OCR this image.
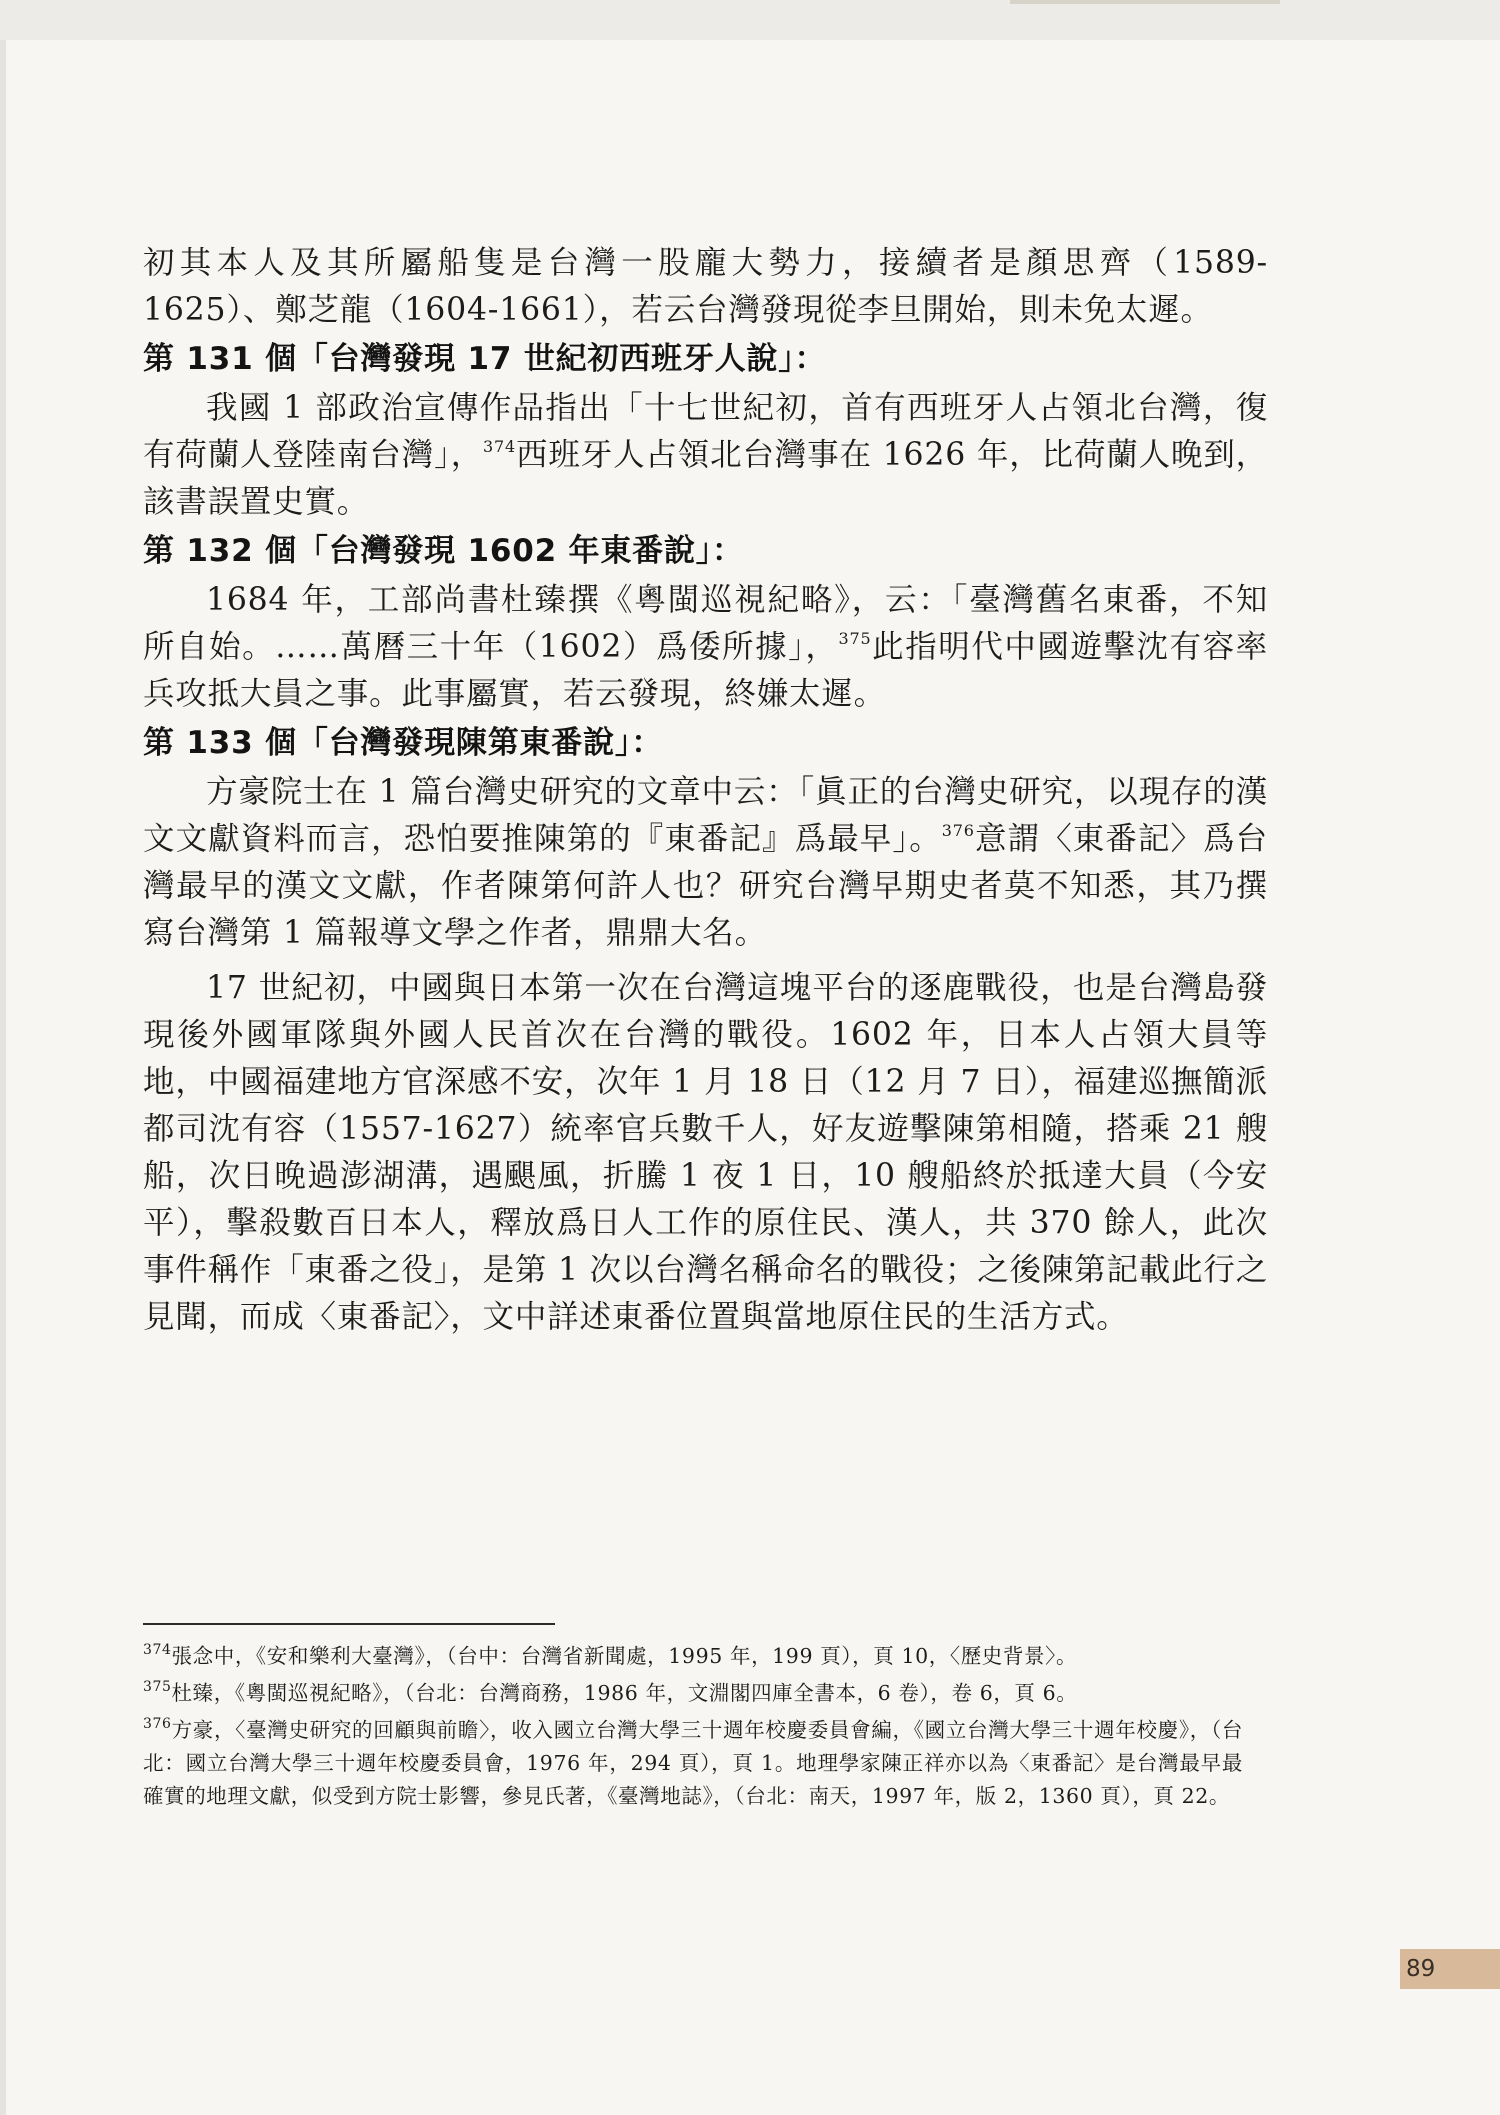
初其本人及其所屬船隻是台灣一股龐大勢力，接續者是顏思齊（1589-1625）、鄭芝龍（1604-1661），若云台灣發現從李旦開始，則未免太遲。

第 131 個「台灣發現 17 世紀初西班牙人說」：

我國 1 部政治宣傳作品指出「十七世紀初，首有西班牙人占領北台灣，復有荷蘭人登陸南台灣」，$^{374}$西班牙人占領北台灣事在 1626 年，比荷蘭人晚到，該書誤置史實。

第 132 個「台灣發現 1602 年東番說」：

1684 年，工部尚書杜臻撰《粵閩巡視紀略》，云：「臺灣舊名東番，不知所自始。……萬曆三十年（1602）爲倭所據」，$^{375}$此指明代中國遊擊沈有容率兵攻抵大員之事。此事屬實，若云發現，終嫌太遲。

第 133 個「台灣發現陳第東番說」：

方豪院士在 1 篇台灣史研究的文章中云：「眞正的台灣史研究，以現存的漢文文獻資料而言，恐怕要推陳第的『東番記』爲最早」。$^{376}$意謂〈東番記〉爲台灣最早的漢文文獻，作者陳第何許人也？研究台灣早期史者莫不知悉，其乃撰寫台灣第 1 篇報導文學之作者，鼎鼎大名。

17 世紀初，中國與日本第一次在台灣這塊平台的逐鹿戰役，也是台灣島發現後外國軍隊與外國人民首次在台灣的戰役。1602 年，日本人占領大員等地，中國福建地方官深感不安，次年 1 月 18 日（12 月 7 日），福建巡撫簡派都司沈有容（1557-1627）統率官兵數千人，好友遊擊陳第相隨，搭乘 21 艘船，次日晚過澎湖溝，遇颶風，折騰 1 夜 1 日，10 艘船終於抵達大員（今安平），擊殺數百日本人，釋放爲日人工作的原住民、漢人，共 370 餘人，此次事件稱作「東番之役」，是第 1 次以台灣名稱命名的戰役；之後陳第記載此行之見聞，而成〈東番記〉，文中詳述東番位置與當地原住民的生活方式。

$^{374}$張念中，《安和樂利大臺灣》，（台中：台灣省新聞處，1995 年，199 頁），頁 10，〈歷史背景〉。

$^{375}$杜臻，《粵閩巡視紀略》，（台北：台灣商務，1986 年，文淵閣四庫全書本，6 卷），卷 6，頁 6。

$^{376}$方豪，〈臺灣史研究的回顧與前瞻〉，收入國立台灣大學三十週年校慶委員會編，《國立台灣大學三十週年校慶》，（台北：國立台灣大學三十週年校慶委員會，1976 年，294 頁），頁 1。地理學家陳正祥亦以為〈東番記〉是台灣最早最確實的地理文獻，似受到方院士影響，參見氏著，《臺灣地誌》，（台北：南天，1997 年，版 2，1360 頁），頁 22。

89
